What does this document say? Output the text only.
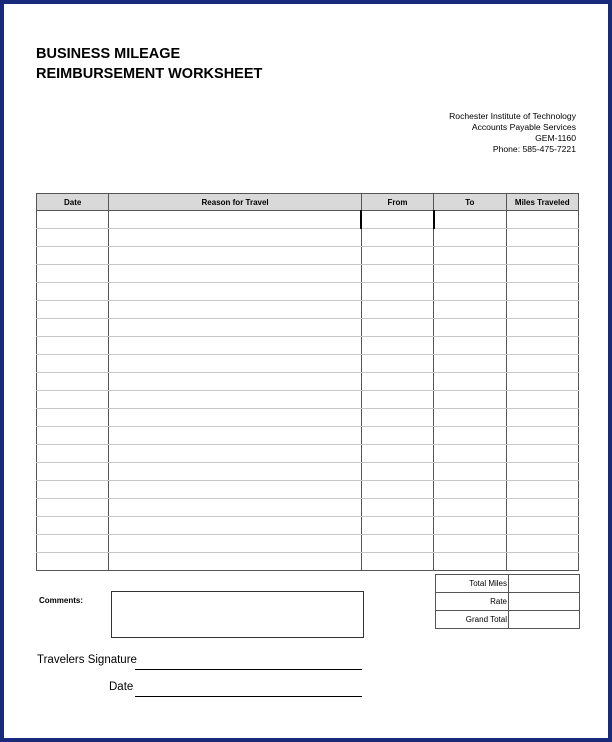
BUSINESS MILEAGE
REIMBURSEMENT WORKSHEET
Rochester Institute of Technology
Accounts Payable Services
GEM-1160
Phone: 585-475-7221
Date	Reason for Travel	From	To	Miles Traveled

Total Miles	
Rate	
Grand Total	
Comments:
Travelers Signature
Date
